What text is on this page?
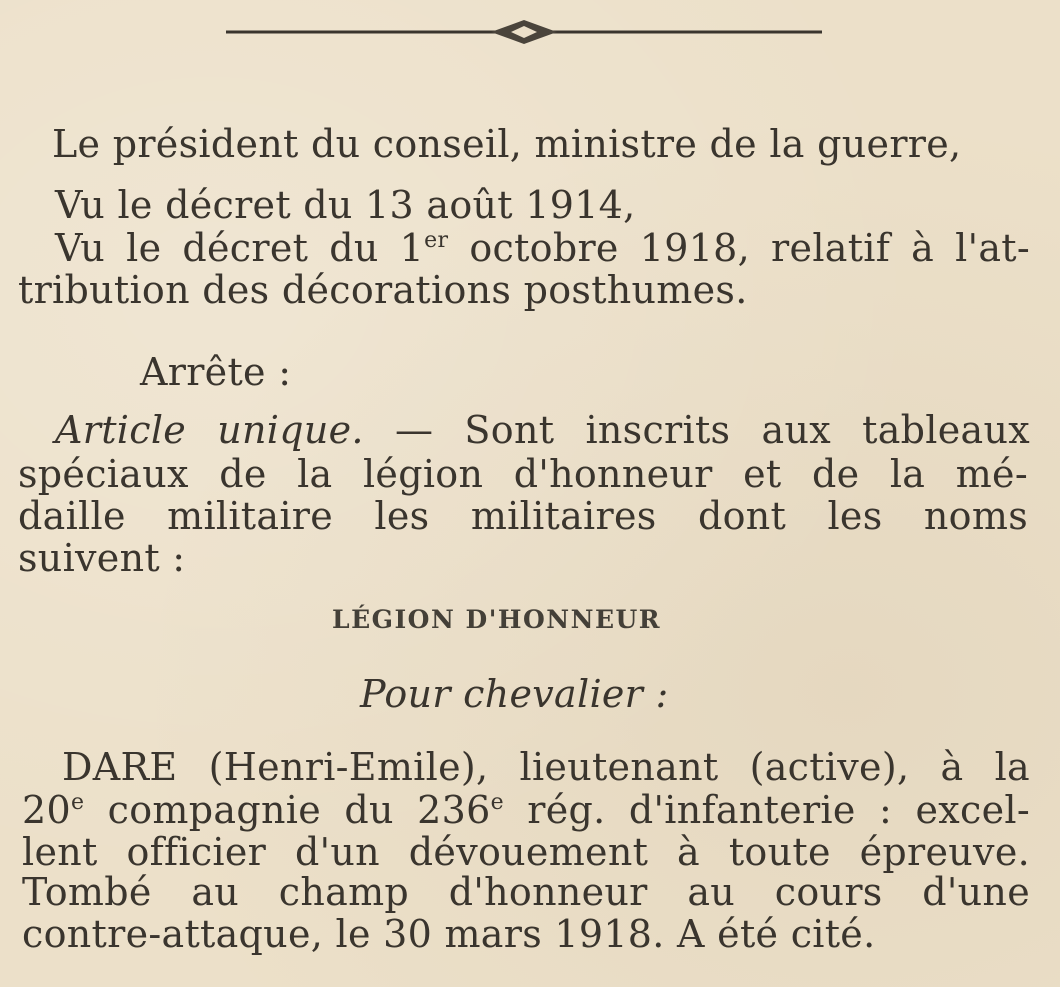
Le président du conseil, ministre de la guerre,
Vu le décret du 13 août 1914,
Vu le décret du 1er octobre 1918, relatif à l'at-
tribution des décorations posthumes.
Arrête :
Article unique. — Sont inscrits aux tableaux
spéciaux de la légion d'honneur et de la mé-
daille militaire les militaires dont les noms
suivent :
LÉGION D'HONNEUR
Pour chevalier :
DARE (Henri-Emile), lieutenant (active), à la
20e compagnie du 236e rég. d'infanterie : excel-
lent officier d'un dévouement à toute épreuve.
Tombé au champ d'honneur au cours d'une
contre-attaque, le 30 mars 1918. A été cité.
